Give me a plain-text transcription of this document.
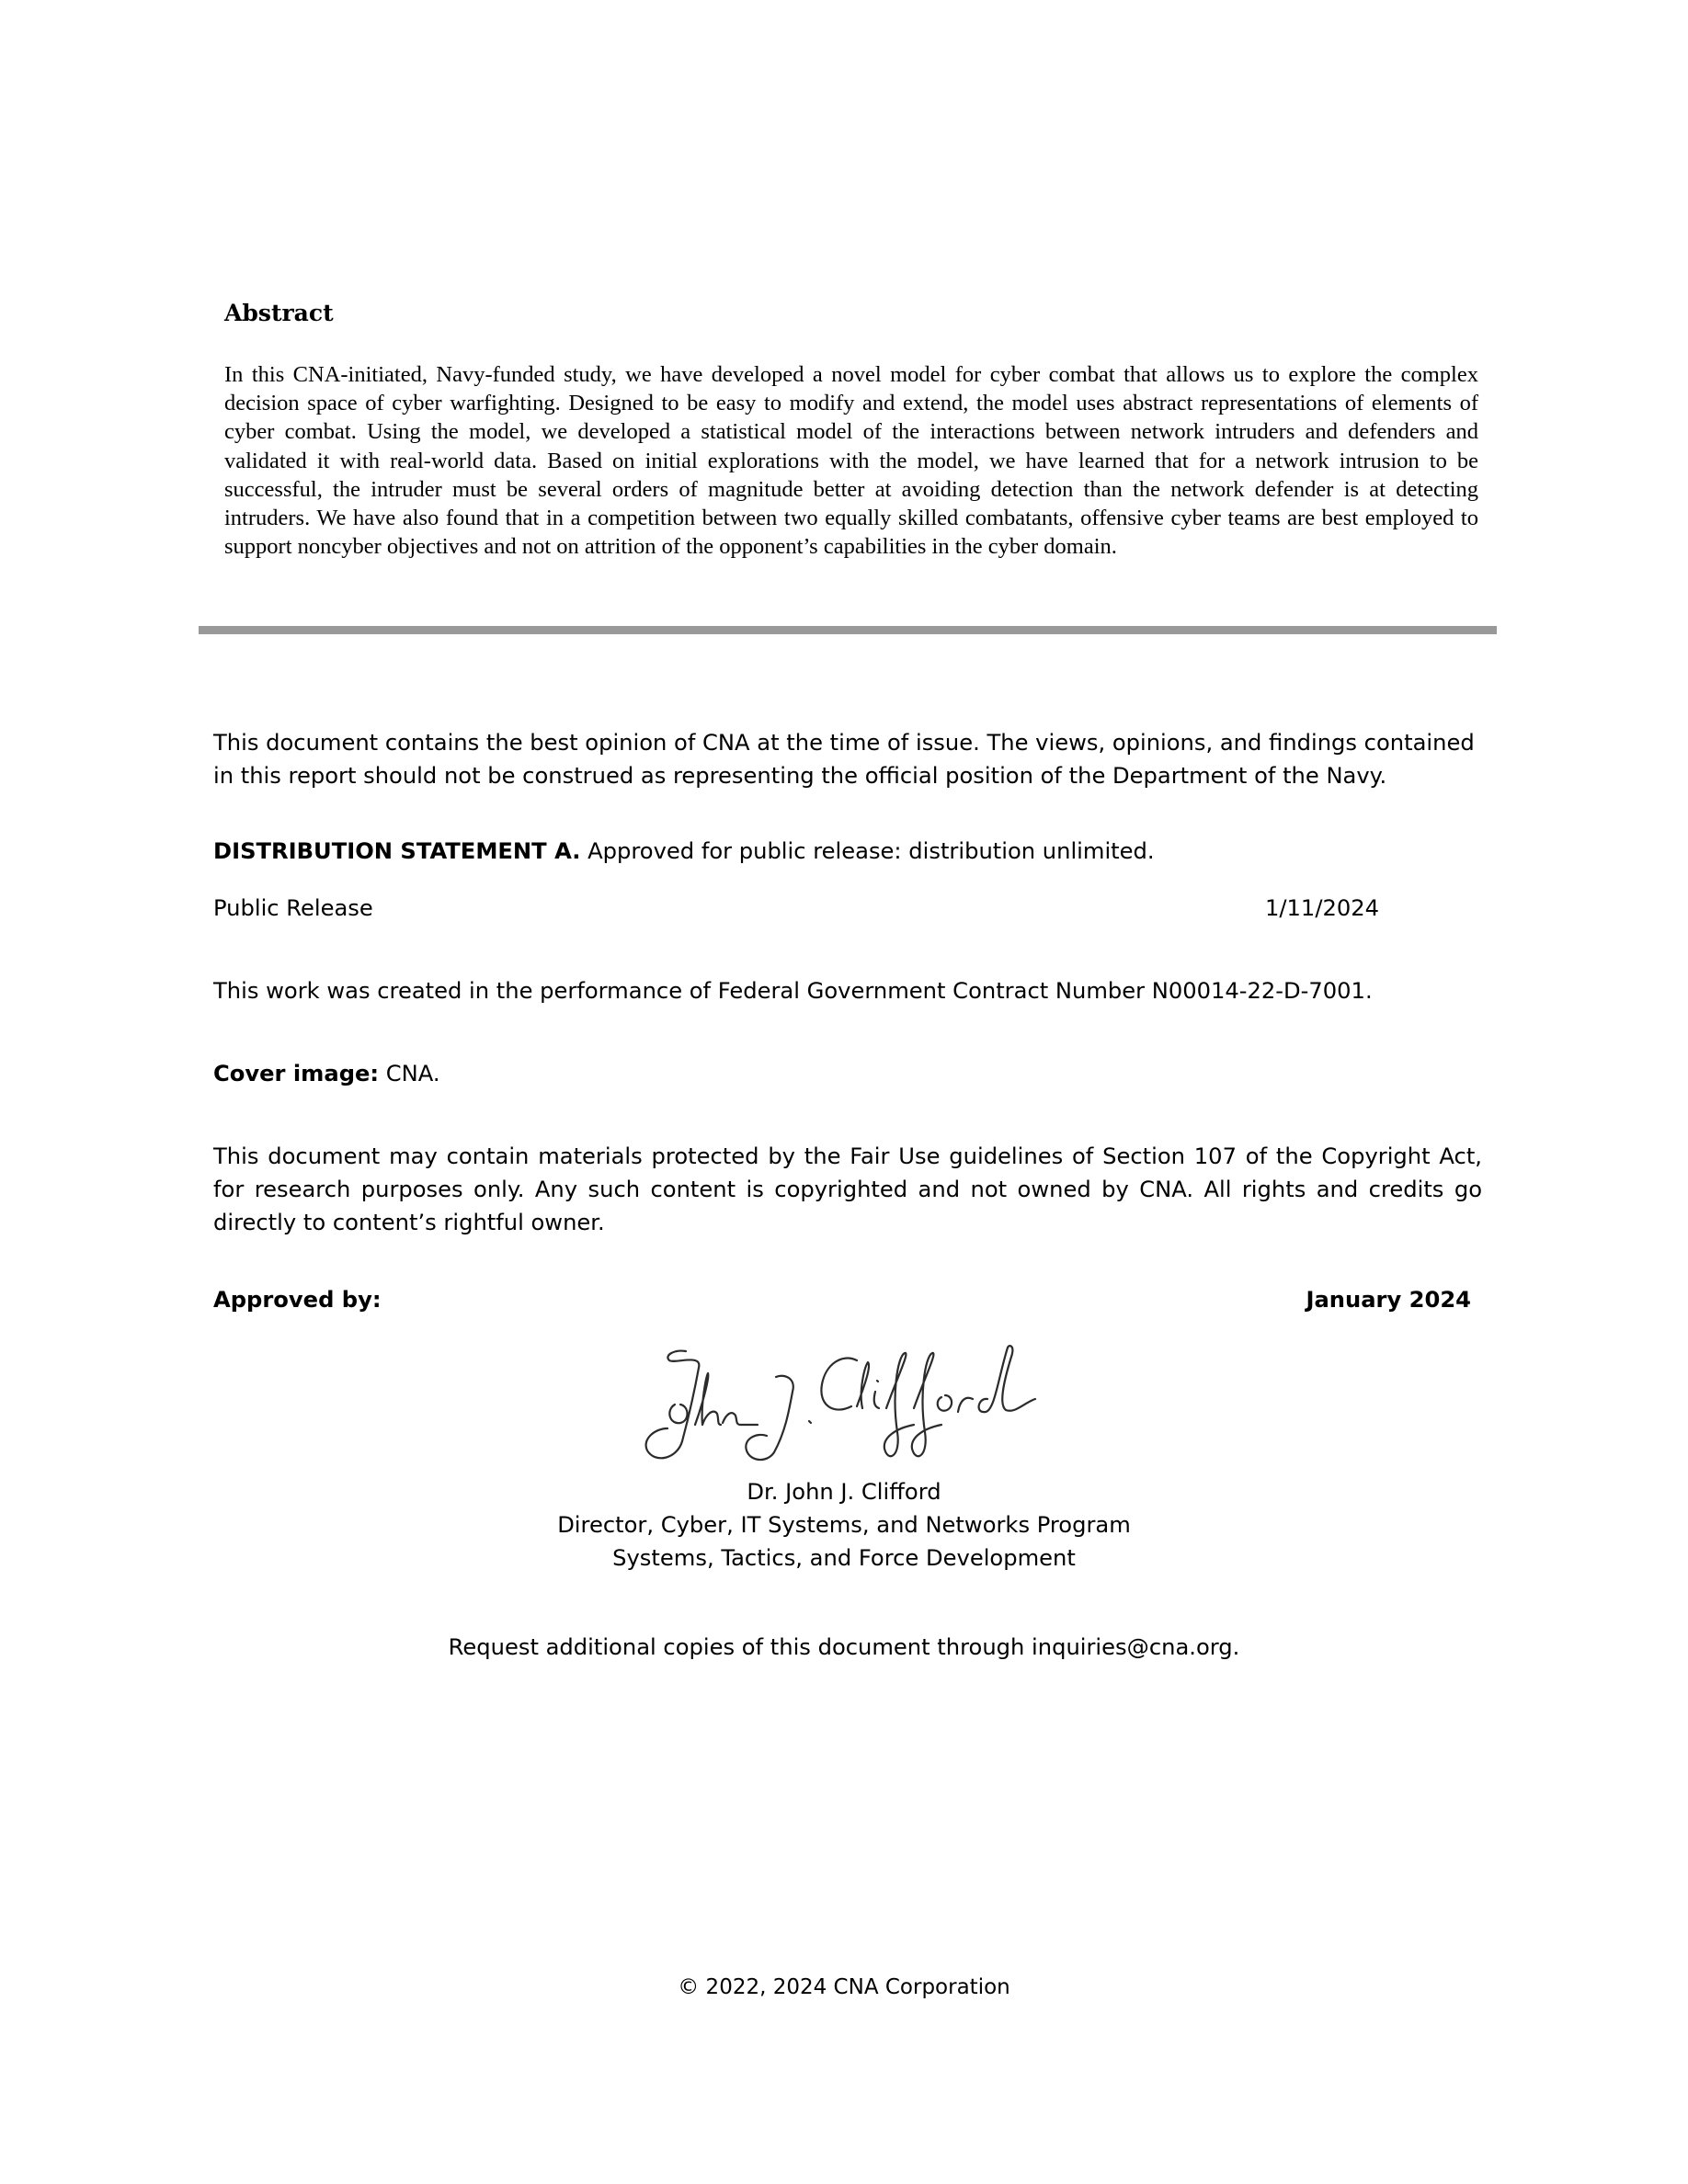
Abstract
In this CNA-initiated, Navy-funded study, we have developed a novel model for cyber combat that allows us to explore the complex decision space of cyber warfighting. Designed to be easy to modify and extend, the model uses abstract representations of elements of cyber combat. Using the model, we developed a statistical model of the interactions between network intruders and defenders and validated it with real-world data. Based on initial explorations with the model, we have learned that for a network intrusion to be successful, the intruder must be several orders of magnitude better at avoiding detection than the network defender is at detecting intruders. We have also found that in a competition between two equally skilled combatants, offensive cyber teams are best employed to support noncyber objectives and not on attrition of the opponent’s capabilities in the cyber domain.
This document contains the best opinion of CNA at the time of issue. The views, opinions, and findings contained in this report should not be construed as representing the official position of the Department of the Navy.
DISTRIBUTION STATEMENT A. Approved for public release: distribution unlimited.
Public Release	1/11/2024
This work was created in the performance of Federal Government Contract Number N00014-22-D-7001.
Cover image: CNA.
This document may contain materials protected by the Fair Use guidelines of Section 107 of the Copyright Act, for research purposes only. Any such content is copyrighted and not owned by CNA. All rights and credits go directly to content’s rightful owner.
Approved by:	January 2024
Dr. John J. Clifford
Director, Cyber, IT Systems, and Networks Program
Systems, Tactics, and Force Development
Request additional copies of this document through inquiries@cna.org.
© 2022, 2024 CNA Corporation
